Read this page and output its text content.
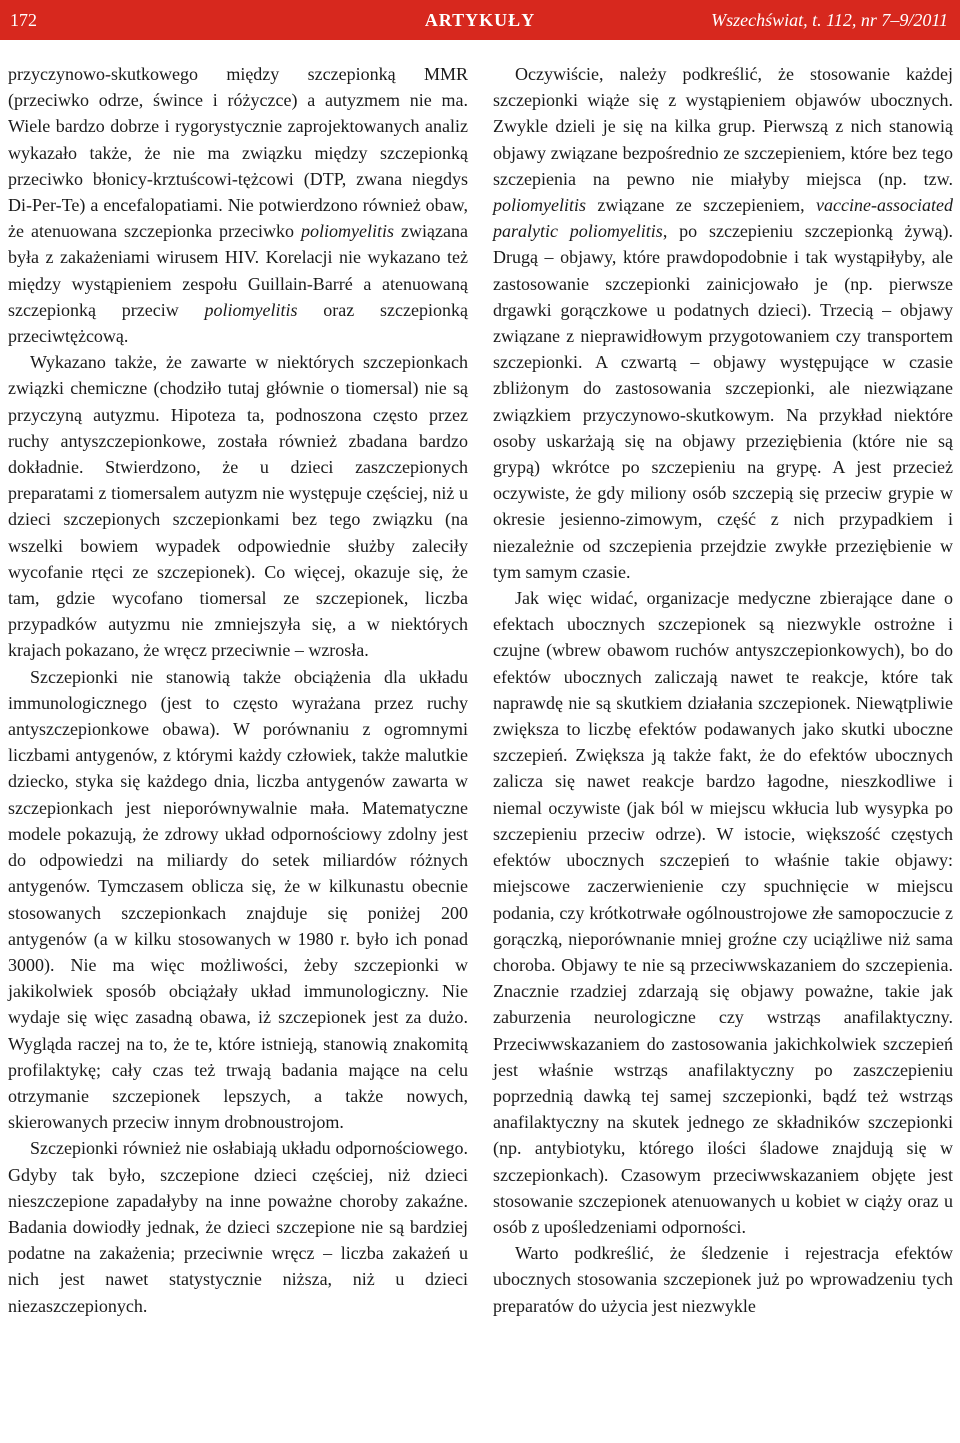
172	ARTYKUŁY	Wszechświat, t. 112, nr 7–9/2011

przyczynowo-skutkowego między szczepionką MMR (przeciwko odrze, śwince i różyczce) a autyzmem nie ma. Wiele bardzo dobrze i rygorystycznie zaprojektowanych analiz wykazało także, że nie ma związku między szczepionką przeciwko błonicy-krztuścowi-tężcowi (DTP, zwana niegdys Di-Per-Te) a encefalopatiami. Nie potwierdzono również obaw, że atenuowana szczepionka przeciwko poliomyelitis związana była z zakażeniami wirusem HIV. Korelacji nie wykazano też między wystąpieniem zespołu Guillain-Barré a atenuowaną szczepionką przeciw poliomyelitis oraz szczepionką przeciwtężcową.

Wykazano także, że zawarte w niektórych szczepionkach związki chemiczne (chodziło tutaj głównie o tiomersal) nie są przyczyną autyzmu. Hipoteza ta, podnoszona często przez ruchy antyszczepionkowe, została również zbadana bardzo dokładnie. Stwierdzono, że u dzieci zaszczepionych preparatami z tiomersalem autyzm nie występuje częściej, niż u dzieci szczepionych szczepionkami bez tego związku (na wszelki bowiem wypadek odpowiednie służby zaleciły wycofanie rtęci ze szczepionek). Co więcej, okazuje się, że tam, gdzie wycofano tiomersal ze szczepionek, liczba przypadków autyzmu nie zmniejszyła się, a w niektórych krajach pokazano, że wręcz przeciwnie – wzrosła.

Szczepionki nie stanowią także obciążenia dla układu immunologicznego (jest to często wyrażana przez ruchy antyszczepionkowe obawa). W porównaniu z ogromnymi liczbami antygenów, z którymi każdy człowiek, także malutkie dziecko, styka się każdego dnia, liczba antygenów zawarta w szczepionkach jest nieporównywalnie mała. Matematyczne modele pokazują, że zdrowy układ odpornościowy zdolny jest do odpowiedzi na miliardy do setek miliardów różnych antygenów. Tymczasem oblicza się, że w kilkunastu obecnie stosowanych szczepionkach znajduje się poniżej 200 antygenów (a w kilku stosowanych w 1980 r. było ich ponad 3000). Nie ma więc możliwości, żeby szczepionki w jakikolwiek sposób obciążały układ immunologiczny. Nie wydaje się więc zasadną obawa, iż szczepionek jest za dużo. Wygląda raczej na to, że te, które istnieją, stanowią znakomitą profilaktykę; cały czas też trwają badania mające na celu otrzymanie szczepionek lepszych, a także nowych, skierowanych przeciw innym drobnoustrojom.

Szczepionki również nie osłabiają układu odpornościowego. Gdyby tak było, szczepione dzieci częściej, niż dzieci nieszczepione zapadałyby na inne poważne choroby zakaźne. Badania dowiodły jednak, że dzieci szczepione nie są bardziej podatne na zakażenia; przeciwnie wręcz – liczba zakażeń u nich jest nawet statystycznie niższa, niż u dzieci niezaszczepionych.

Oczywiście, należy podkreślić, że stosowanie każdej szczepionki wiąże się z wystąpieniem objawów ubocznych. Zwykle dzieli je się na kilka grup. Pierwszą z nich stanowią objawy związane bezpośrednio ze szczepieniem, które bez tego szczepienia na pewno nie miałyby miejsca (np. tzw. poliomyelitis związane ze szczepieniem, vaccine-associated paralytic poliomyelitis, po szczepieniu szczepionką żywą). Drugą – objawy, które prawdopodobnie i tak wystąpiłyby, ale zastosowanie szczepionki zainicjowało je (np. pierwsze drgawki gorączkowe u podatnych dzieci). Trzecią – objawy związane z nieprawidłowym przygotowaniem czy transportem szczepionki. A czwartą – objawy występujące w czasie zbliżonym do zastosowania szczepionki, ale niezwiązane związkiem przyczynowo-skutkowym. Na przykład niektóre osoby uskarżają się na objawy przeziębienia (które nie są grypą) wkrótce po szczepieniu na grypę. A jest przecież oczywiste, że gdy miliony osób szczepią się przeciw grypie w okresie jesienno-zimowym, część z nich przypadkiem i niezależnie od szczepienia przejdzie zwykłe przeziębienie w tym samym czasie.

Jak więc widać, organizacje medyczne zbierające dane o efektach ubocznych szczepionek są niezwykle ostrożne i czujne (wbrew obawom ruchów antyszczepionkowych), bo do efektów ubocznych zaliczają nawet te reakcje, które tak naprawdę nie są skutkiem działania szczepionek. Niewątpliwie zwiększa to liczbę efektów podawanych jako skutki uboczne szczepień. Zwiększa ją także fakt, że do efektów ubocznych zalicza się nawet reakcje bardzo łagodne, nieszkodliwe i niemal oczywiste (jak ból w miejscu wkłucia lub wysypka po szczepieniu przeciw odrze). W istocie, większość częstych efektów ubocznych szczepień to właśnie takie objawy: miejscowe zaczerwienienie czy spuchnięcie w miejscu podania, czy krótkotrwałe ogólnoustrojowe złe samopoczucie z gorączką, nieporównanie mniej groźne czy uciążliwe niż sama choroba. Objawy te nie są przeciwwskazaniem do szczepienia. Znacznie rzadziej zdarzają się objawy poważne, takie jak zaburzenia neurologiczne czy wstrząs anafilaktyczny. Przeciwwskazaniem do zastosowania jakichkolwiek szczepień jest właśnie wstrząs anafilaktyczny po zaszczepieniu poprzednią dawką tej samej szczepionki, bądź też wstrząs anafilaktyczny na skutek jednego ze składników szczepionki (np. antybiotyku, którego ilości śladowe znajdują się w szczepionkach). Czasowym przeciwwskazaniem objęte jest stosowanie szczepionek atenuowanych u kobiet w ciąży oraz u osób z upośledzeniami odporności.

Warto podkreślić, że śledzenie i rejestracja efektów ubocznych stosowania szczepionek już po wprowadzeniu tych preparatów do użycia jest niezwykle
